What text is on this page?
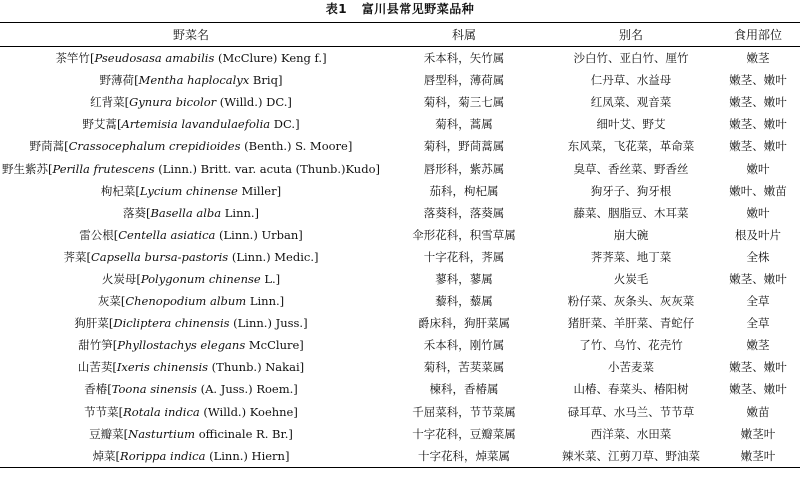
表1 富川县常见野菜品种
野菜名	科属	别名	食用部位
茶竿竹[Pseudosasa amabilis (McClure) Keng f.]	禾本科，矢竹属	沙白竹、亚白竹、厘竹	嫩茎
野薄荷[Mentha haplocalyx Briq]	唇型科，薄荷属	仁丹草、水益母	嫩茎、嫩叶
红背菜[Gynura bicolor (Willd.) DC.]	菊科，菊三七属	红凤菜、观音菜	嫩茎、嫩叶
野艾蒿[Artemisia lavandulaefolia DC.]	菊科，蒿属	细叶艾、野艾	嫩茎、嫩叶
野茼蒿[Crassocephalum crepidioides (Benth.) S. Moore]	菊科，野茼蒿属	东风菜，飞花菜，革命菜	嫩茎、嫩叶
野生紫苏[Perilla frutescens (Linn.) Britt. var. acuta (Thunb.)Kudo]	唇形科，紫苏属	臭草、香丝菜、野香丝	嫩叶
枸杞菜[Lycium chinense Miller]	茄科，枸杞属	狗牙子、狗牙根	嫩叶、嫩苗
落葵[Basella alba Linn.]	落葵科，落葵属	藤菜、胭脂豆、木耳菜	嫩叶
雷公根[Centella asiatica (Linn.) Urban]	伞形花科，积雪草属	崩大碗	根及叶片
荠菜[Capsella bursa-pastoris (Linn.) Medic.]	十字花科，荠属	荠荠菜、地丁菜	全株
火炭母[Polygonum chinense L.]	蓼科，蓼属	火炭毛	嫩茎、嫩叶
灰菜[Chenopodium album Linn.]	藜科，藜属	粉仔菜、灰条头、灰灰菜	全草
狗肝菜[Dicliptera chinensis (Linn.) Juss.]	爵床科，狗肝菜属	猪肝菜、羊肝菜、青蛇仔	全草
甜竹笋[Phyllostachys elegans McClure]	禾本科，刚竹属	了竹、乌竹、花壳竹	嫩茎
山苦荬[Ixeris chinensis (Thunb.) Nakai]	菊科，苦荬菜属	小苦麦菜	嫩茎、嫩叶
香椿[Toona sinensis (A. Juss.) Roem.]	楝科，香椿属	山椿、春菜头、椿阳树	嫩茎、嫩叶
节节菜[Rotala indica (Willd.) Koehne]	千屈菜科，节节菜属	碌耳草、水马兰、节节草	嫩苗
豆瓣菜[Nasturtium officinale R. Br.]	十字花科，豆瓣菜属	西洋菜、水田菜	嫩茎叶
焯菜[Rorippa indica (Linn.) Hiern]	十字花科，焯菜属	辣米菜、江剪刀草、野油菜	嫩茎叶
